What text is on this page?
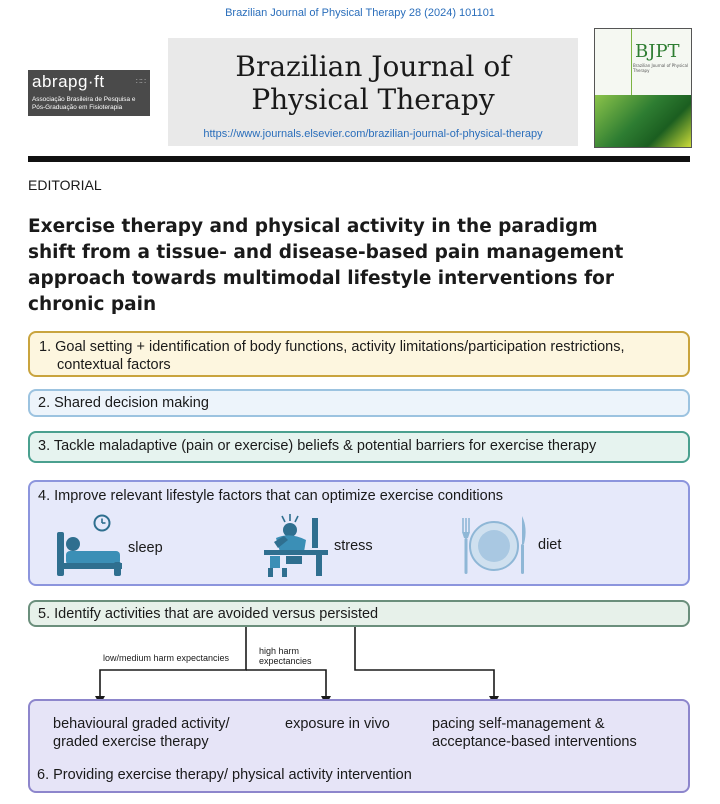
Brazilian Journal of Physical Therapy 28 (2024) 101101
abrapg·ft	∷∷
Associação Brasileira de Pesquisa e
Pós-Graduação em Fisioterapia
Brazilian Journal of
Physical Therapy
https://www.journals.elsevier.com/brazilian-journal-of-physical-therapy
BJPT
Brazilian Journal of Physical Therapy
EDITORIAL
Exercise therapy and physical activity in the paradigm
shift from a tissue- and disease-based pain management
approach towards multimodal lifestyle interventions for
chronic pain
1. Goal setting + identification of body functions, activity limitations/participation restrictions,
contextual factors
2. Shared decision making
3. Tackle maladaptive (pain or exercise) beliefs & potential barriers for exercise therapy
4. Improve relevant lifestyle factors that can optimize exercise conditions
sleep	stress	diet
5. Identify activities that are avoided versus persisted
low/medium harm expectancies
high harm
expectancies
behavioural graded activity/
graded exercise therapy
exposure in vivo	pacing self-management &
acceptance-based interventions
6. Providing exercise therapy/ physical activity intervention
